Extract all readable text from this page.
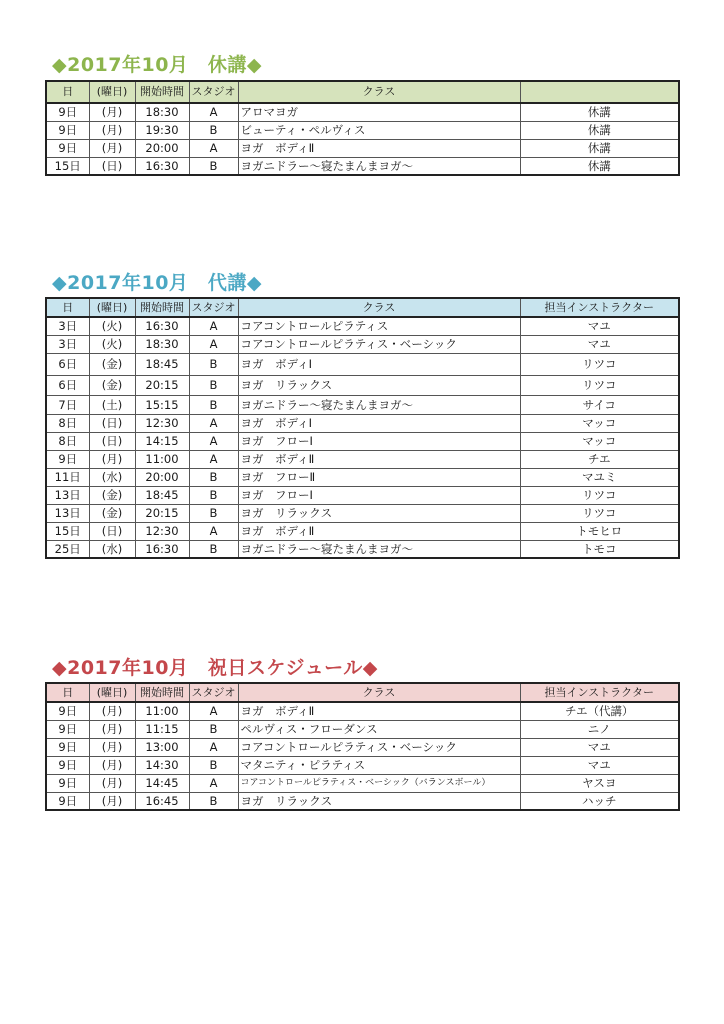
◆2017年10月　休講◆
日	(曜日)	開始時間	スタジオ	クラス	
9日	(月)	18:30	A	アロマヨガ	休講
9日	(月)	19:30	B	ビューティ・ペルヴィス	休講
9日	(月)	20:00	A	ヨガ　ボディⅡ	休講
15日	(日)	16:30	B	ヨガニドラー～寝たまんまヨガ～	休講
◆2017年10月　代講◆
日	(曜日)	開始時間	スタジオ	クラス	担当インストラクター
3日	(火)	16:30	A	コアコントロールピラティス	マユ
3日	(火)	18:30	A	コアコントロールピラティス・ベーシック	マユ
6日	(金)	18:45	B	ヨガ　ボディⅠ	リツコ
6日	(金)	20:15	B	ヨガ　リラックス	リツコ
7日	(土)	15:15	B	ヨガニドラー～寝たまんまヨガ～	サイコ
8日	(日)	12:30	A	ヨガ　ボディⅠ	マッコ
8日	(日)	14:15	A	ヨガ　フローⅠ	マッコ
9日	(月)	11:00	A	ヨガ　ボディⅡ	チエ
11日	(水)	20:00	B	ヨガ　フローⅡ	マユミ
13日	(金)	18:45	B	ヨガ　フローⅠ	リツコ
13日	(金)	20:15	B	ヨガ　リラックス	リツコ
15日	(日)	12:30	A	ヨガ　ボディⅡ	トモヒロ
25日	(水)	16:30	B	ヨガニドラー～寝たまんまヨガ～	トモコ
◆2017年10月　祝日スケジュール◆
日	(曜日)	開始時間	スタジオ	クラス	担当インストラクター
9日	(月)	11:00	A	ヨガ　ボディⅡ	チエ（代講）
9日	(月)	11:15	B	ペルヴィス・フローダンス	ニノ
9日	(月)	13:00	A	コアコントロールピラティス・ベーシック	マユ
9日	(月)	14:30	B	マタニティ・ピラティス	マユ
9日	(月)	14:45	A	コアコントロールピラティス・ベーシック（バランスボール）	ヤスヨ
9日	(月)	16:45	B	ヨガ　リラックス	ハッチ
